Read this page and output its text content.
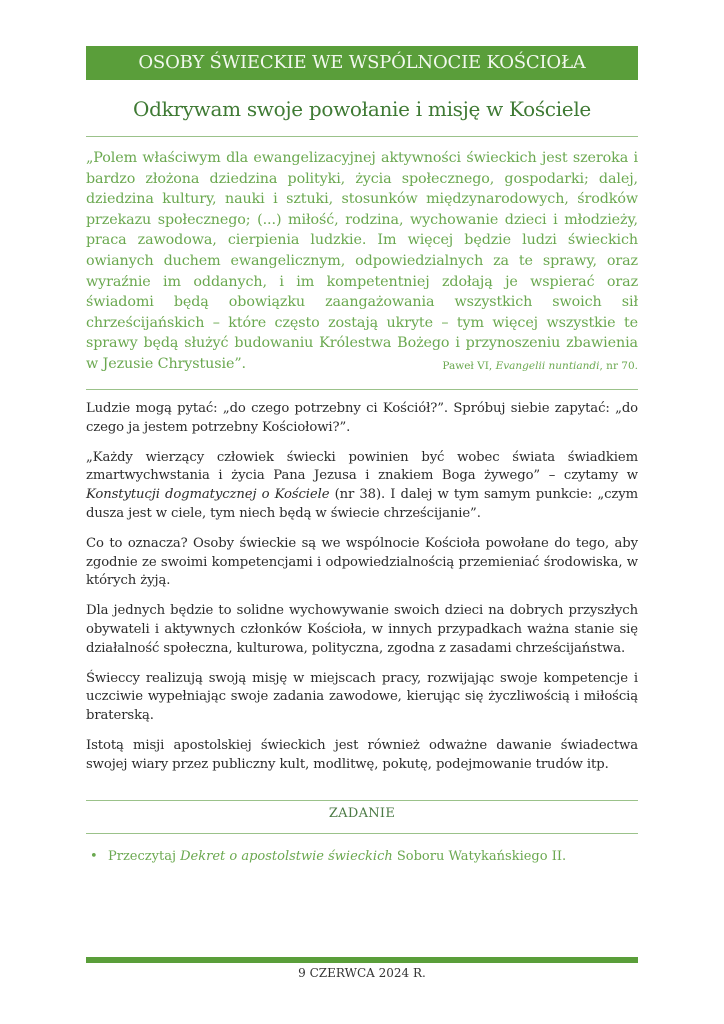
OSOBY ŚWIECKIE WE WSPÓLNOCIE KOŚCIOŁA
Odkrywam swoje powołanie i misję w Kościele
„Polem właściwym dla ewangelizacyjnej aktywności świeckich jest szeroka i bardzo złożona dziedzina polityki, życia społecznego, gospodarki; dalej, dziedzina kultury, nauki i sztuki, stosunków międzynarodowych, środków przekazu społecznego; (...) miłość, rodzina, wychowanie dzieci i młodzieży, praca zawodowa, cierpienia ludzkie. Im więcej będzie ludzi świeckich owianych duchem ewangelicznym, odpowiedzialnych za te sprawy, oraz wyraźnie im oddanych, i im kompetentniej zdołają je wspierać oraz świadomi będą obowiązku zaangażowania wszystkich swoich sił chrześcijańskich – które często zostają ukryte – tym więcej wszystkie te sprawy będą służyć budowaniu Królestwa Bożego i przynoszeniu zbawienia w Jezusie Chrystusie”.	Paweł VI, Evangelii nuntiandi, nr 70.

Ludzie mogą pytać: „do czego potrzebny ci Kościół?”. Spróbuj siebie zapytać: „do czego ja jestem potrzebny Kościołowi?”.

„Każdy wierzący człowiek świecki powinien być wobec świata świadkiem zmartwychwstania i życia Pana Jezusa i znakiem Boga żywego” – czytamy w Konstytucji dogmatycznej o Kościele (nr 38). I dalej w tym samym punkcie: „czym dusza jest w ciele, tym niech będą w świecie chrześcijanie”.

Co to oznacza? Osoby świeckie są we wspólnocie Kościoła powołane do tego, aby zgodnie ze swoimi kompetencjami i odpowiedzialnością przemieniać środowiska, w których żyją.

Dla jednych będzie to solidne wychowywanie swoich dzieci na dobrych przyszłych obywateli i aktywnych członków Kościoła, w innych przypadkach ważna stanie się działalność społeczna, kulturowa, polityczna, zgodna z zasadami chrześcijaństwa.

Świeccy realizują swoją misję w miejscach pracy, rozwijając swoje kompetencje i uczciwie wypełniając swoje zadania zawodowe, kierując się życzliwością i miłością braterską.

Istotą misji apostolskiej świeckich jest również odważne dawanie świadectwa swojej wiary przez publiczny kult, modlitwę, pokutę, podejmowanie trudów itp.

ZADANIE
• Przeczytaj Dekret o apostolstwie świeckich Soboru Watykańskiego II.
9 CZERWCA 2024 R.
